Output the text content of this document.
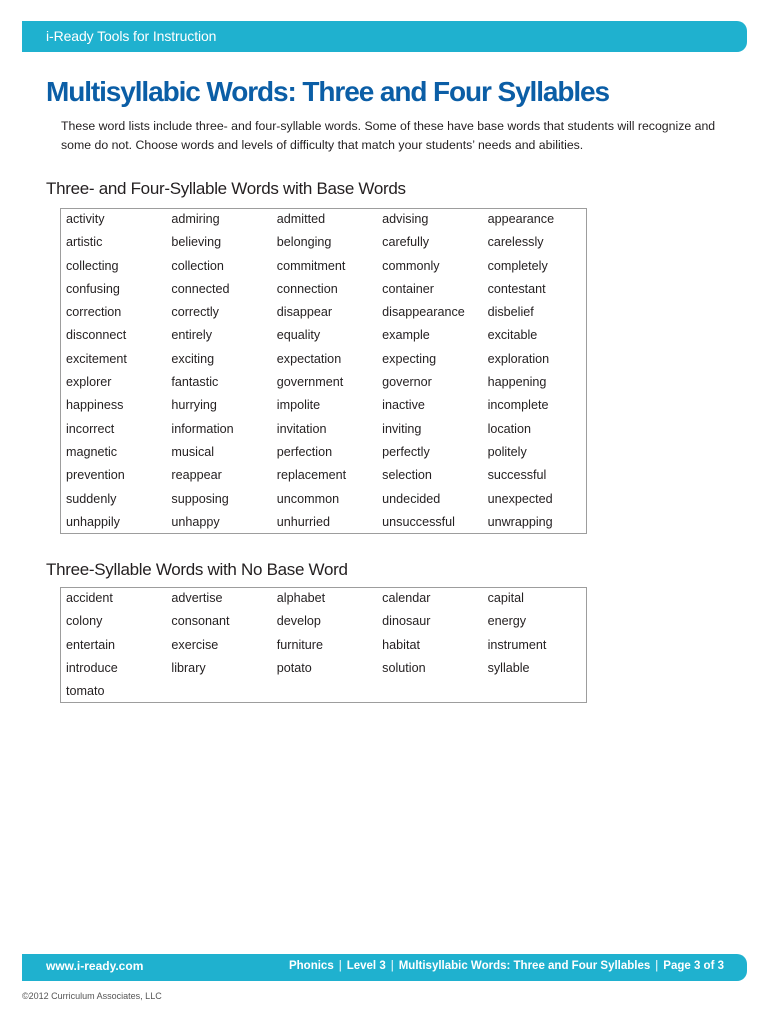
i-Ready Tools for Instruction
Multisyllabic Words: Three and Four Syllables

These word lists include three- and four-syllable words. Some of these have base words that students will recognize and some do not. Choose words and levels of difficulty that match your students’ needs and abilities.

Three- and Four-Syllable Words with Base Words
activity	admiring	admitted	advising	appearance
artistic	believing	belonging	carefully	carelessly
collecting	collection	commitment	commonly	completely
confusing	connected	connection	container	contestant
correction	correctly	disappear	disappearance	disbelief
disconnect	entirely	equality	example	excitable
excitement	exciting	expectation	expecting	exploration
explorer	fantastic	government	governor	happening
happiness	hurrying	impolite	inactive	incomplete
incorrect	information	invitation	inviting	location
magnetic	musical	perfection	perfectly	politely
prevention	reappear	replacement	selection	successful
suddenly	supposing	uncommon	undecided	unexpected
unhappily	unhappy	unhurried	unsuccessful	unwrapping
Three-Syllable Words with No Base Word
accident	advertise	alphabet	calendar	capital
colony	consonant	develop	dinosaur	energy
entertain	exercise	furniture	habitat	instrument
introduce	library	potato	solution	syllable
tomato
www.i-ready.com	Phonics | Level 3 | Multisyllabic Words: Three and Four Syllables | Page 3 of 3
©2012 Curriculum Associates, LLC
